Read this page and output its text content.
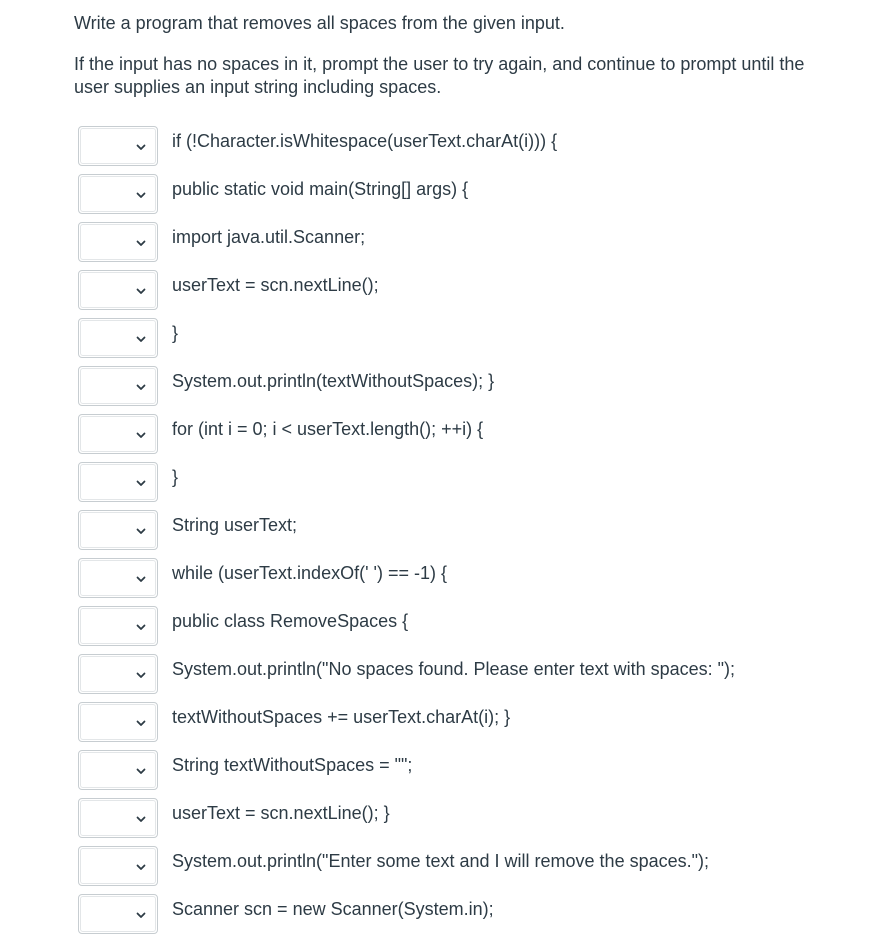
Write a program that removes all spaces from the given input.

If the input has no spaces in it, prompt the user to try again, and continue to prompt until the user supplies an input string including spaces.

if (!Character.isWhitespace(userText.charAt(i))) {
public static void main(String[] args) {
import java.util.Scanner;
userText = scn.nextLine();
}
System.out.println(textWithoutSpaces); }
for (int i = 0; i < userText.length(); ++i) {
}
String userText;
while (userText.indexOf(' ') == -1) {
public class RemoveSpaces {
System.out.println("No spaces found. Please enter text with spaces: ");
textWithoutSpaces += userText.charAt(i); }
String textWithoutSpaces = "";
userText = scn.nextLine(); }
System.out.println("Enter some text and I will remove the spaces.");
Scanner scn = new Scanner(System.in);
